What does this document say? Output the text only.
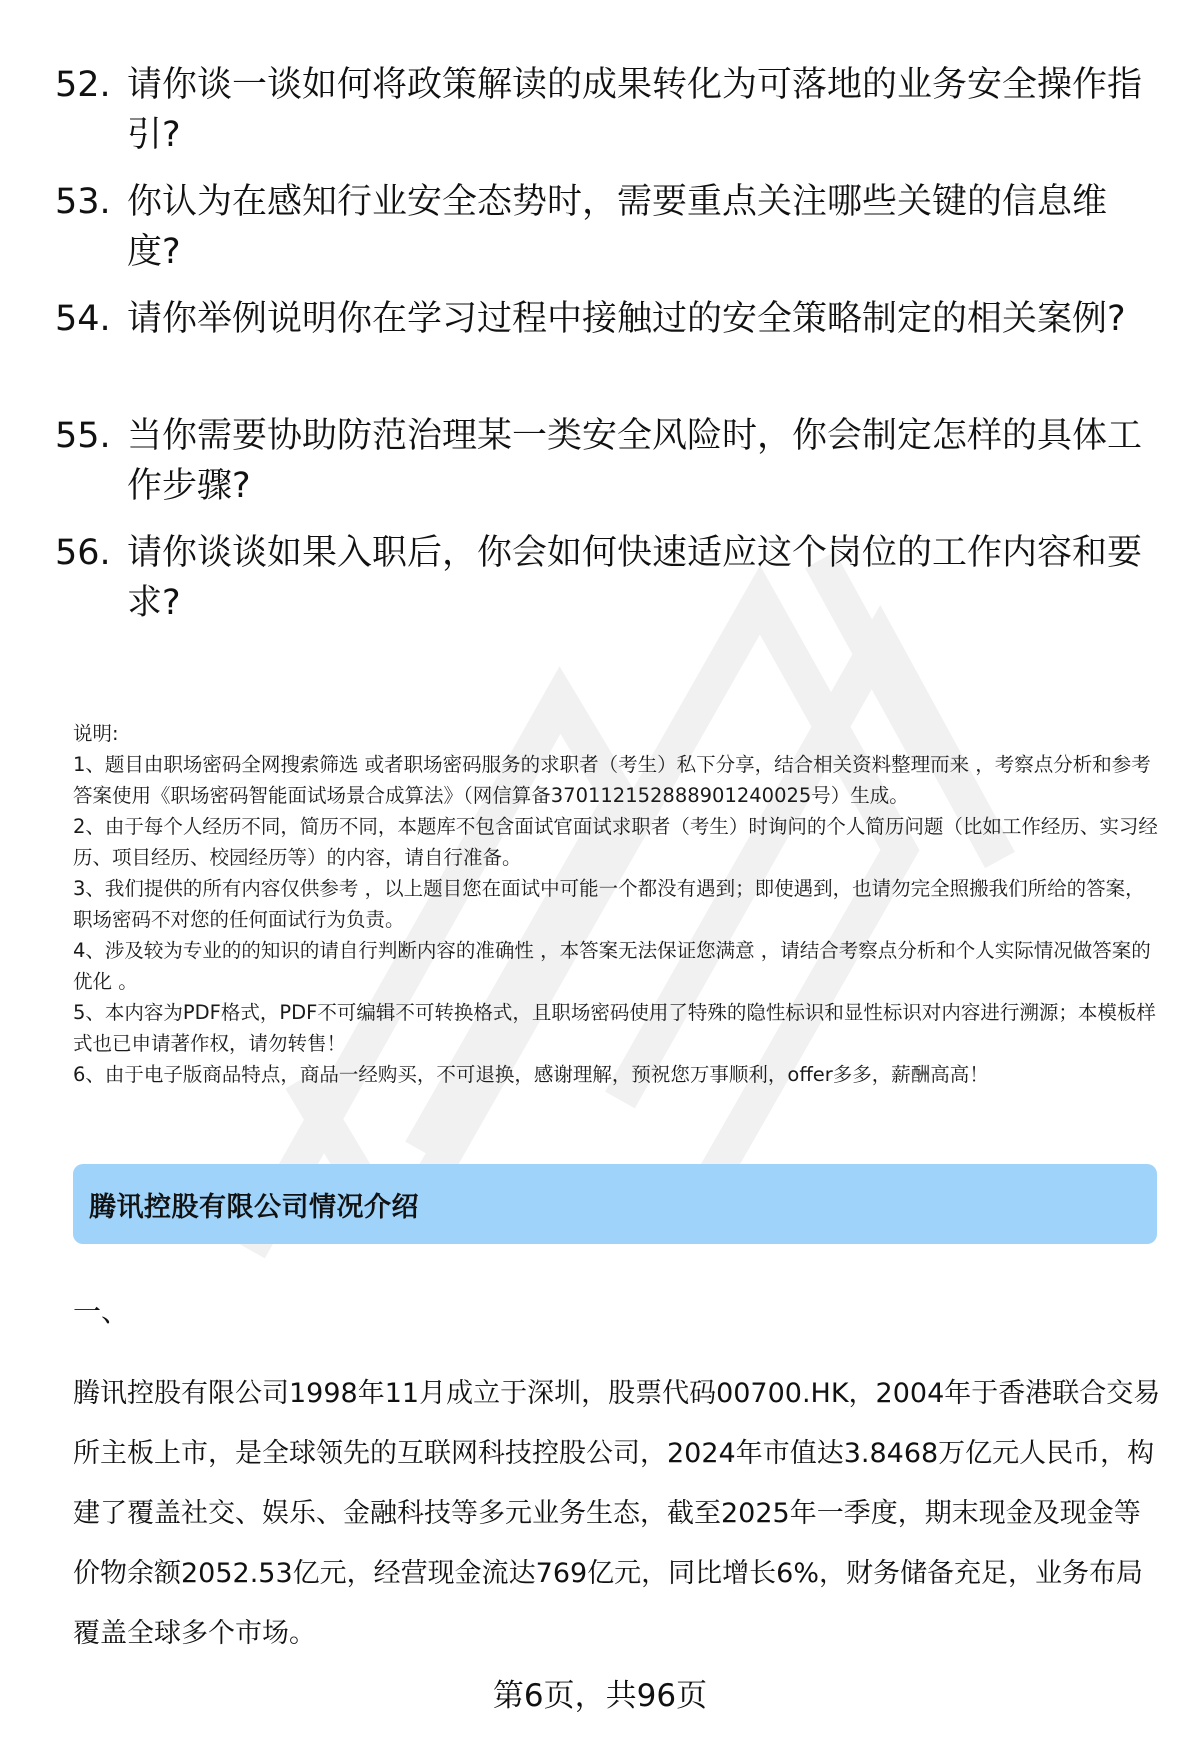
52. 请你谈一谈如何将政策解读的成果转化为可落地的业务安全操作指引?
53. 你认为在感知行业安全态势时，需要重点关注哪些关键的信息维度?
54. 请你举例说明你在学习过程中接触过的安全策略制定的相关案例?
55. 当你需要协助防范治理某一类安全风险时，你会制定怎样的具体工作步骤?
56. 请你谈谈如果入职后，你会如何快速适应这个岗位的工作内容和要求?

说明:

1、题目由职场密码全网搜索筛选 或者职场密码服务的求职者（考生）私下分享，结合相关资料整理而来 ，考察点分析和参考答案使用《职场密码智能面试场景合成算法》（网信算备370112152888901240025号）生成。

2、由于每个人经历不同，简历不同，本题库不包含面试官面试求职者（考生）时询问的个人简历问题（比如工作经历、实习经历、项目经历、校园经历等）的内容，请自行准备。

3、我们提供的所有内容仅供参考 ，以上题目您在面试中可能一个都没有遇到；即使遇到，也请勿完全照搬我们所给的答案，职场密码不对您的任何面试行为负责。

4、涉及较为专业的的知识的请自行判断内容的准确性 ，本答案无法保证您满意 ，请结合考察点分析和个人实际情况做答案的优化 。

5、本内容为PDF格式，PDF不可编辑不可转换格式，且职场密码使用了特殊的隐性标识和显性标识对内容进行溯源；本模板样式也已申请著作权，请勿转售！

6、由于电子版商品特点，商品一经购买，不可退换，感谢理解，预祝您万事顺利，offer多多，薪酬高高！

腾讯控股有限公司情况介绍
一、

腾讯控股有限公司1998年11月成立于深圳，股票代码00700.HK，2004年于香港联合交易所主板上市，是全球领先的互联网科技控股公司，2024年市值达3.8468万亿元人民币，构建了覆盖社交、娱乐、金融科技等多元业务生态，截至2025年一季度，期末现金及现金等价物余额2052.53亿元，经营现金流达769亿元，同比增长6%，财务储备充足，业务布局覆盖全球多个市场。

第6页，共96页
